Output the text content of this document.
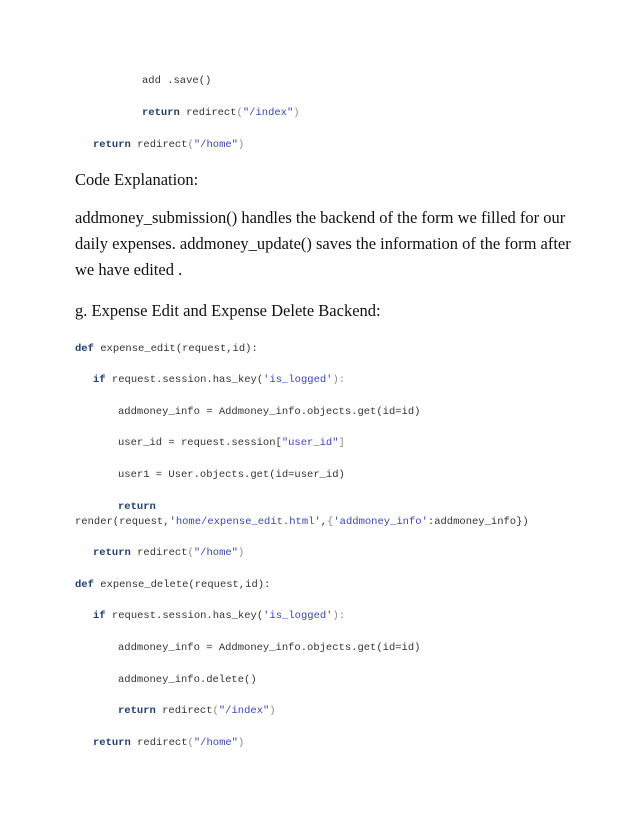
add .save()
return redirect("/index")
return redirect("/home")
Code Explanation:
addmoney_submission() handles the backend of the form we filled for our
daily expenses. addmoney_update() saves the information of the form after
we have edited .
g. Expense Edit and Expense Delete Backend:
def expense_edit(request,id):
if request.session.has_key('is_logged'):
addmoney_info = Addmoney_info.objects.get(id=id)
user_id = request.session["user_id"]
user1 = User.objects.get(id=user_id)
return
render(request,'home/expense_edit.html',{'addmoney_info':addmoney_info})
return redirect("/home")
def expense_delete(request,id):
if request.session.has_key('is_logged'):
addmoney_info = Addmoney_info.objects.get(id=id)
addmoney_info.delete()
return redirect("/index")
return redirect("/home")
